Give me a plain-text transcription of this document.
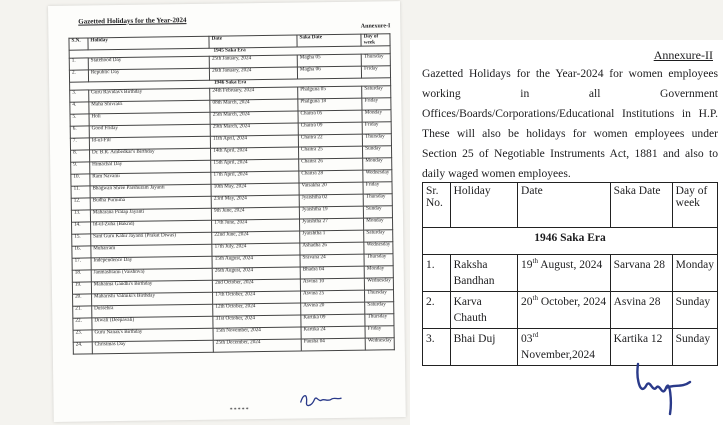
Gazetted Holidays for the Year-2024
Annexure-I
S.N.	Holiday	Date	Saka Date	Day of week
1945 Saka Era				
1.	Statehood Day	25th January, 2024	Magha 05	Thursday
2.	Republic Day	26th January, 2024	Magha 06	Friday
1946 Saka Era				
3.	Guru Ravidas's Birthday	24th February, 2024	Phalguna 05	Saturday
4.	Maha Shivratri	08th March, 2024	Phalguna 18	Friday
5.	Holi	25th March, 2024	Chaitra 05	Monday
6.	Good Friday	29th March, 2024	Chaitra 09	Friday
7.	Id-ul-Fitr	11th April, 2024	Chaitra 22	Thursday
8.	Dr. B.R. Ambedkar's Birthday	14th April, 2024	Chaitra 25	Sunday
9.	Himachal Day	15th April, 2024	Chaitra 26	Monday
10.	Ram Navami	17th April, 2024	Chaitra 28	Wednesday
11.	Bhagwan Shree Parshuram Jayanti	10th May, 2024	Vaisakha 20	Friday
12.	Budha Purnima	23rd May, 2024	Jyaishtha 02	Thursday
13.	Maharana Pratap Jayanti	9th June, 2024	Jyaishtha 19	Sunday
14.	Id-ul-Zuha (Bakrid)	17th June, 2024	Jyaishtha 27	Monday
15.	Sant Guru Kabir Jayanti (Prakat Diwas)	22nd June, 2024	Jyaishtha 1	Saturday
16.	Muharram	17th July, 2024	Ashadha 26	Wednesday
17.	Independence Day	15th August, 2024	Sravana 24	Thursday
18.	Janmashtami (Vaishnva)	26th August, 2024	Bhadra 04	Monday
19.	Mahatma Gandhi's Birthday	2nd October, 2024	Asvina 10	Wednesday
20.	Maharishi Valmiki's Birthday	17th October, 2024	Asvina 25	Thursday
21.	Dussehra	12th October, 2024	Asvina 20	Saturday
22.	Diwali (Deepavali)	31st October, 2024	Kartika 09	Thursday
23.	Guru Nanak's Birthday	15th November, 2024	Kartika 24	Friday
24.	Christmas Day	25th December, 2024	Pausha 04	Wednesday
*****
Annexure-II
Gazetted Holidays for the Year-2024 for women employees working in all Government Offices/Boards/Corporations/Educational Institutions in H.P. These will also be holidays for women employees under Section 25 of Negotiable Instruments Act, 1881 and also to daily waged women employees.
Sr. No.	Holiday	Date	Saka Date	Day of week
1946 Saka Era				
1.	Raksha Bandhan	19th August, 2024	Sarvana 28	Monday
2.	Karva Chauth	20th October, 2024	Asvina 28	Sunday
3.	Bhai Duj	03rd November,2024	Kartika 12	Sunday
